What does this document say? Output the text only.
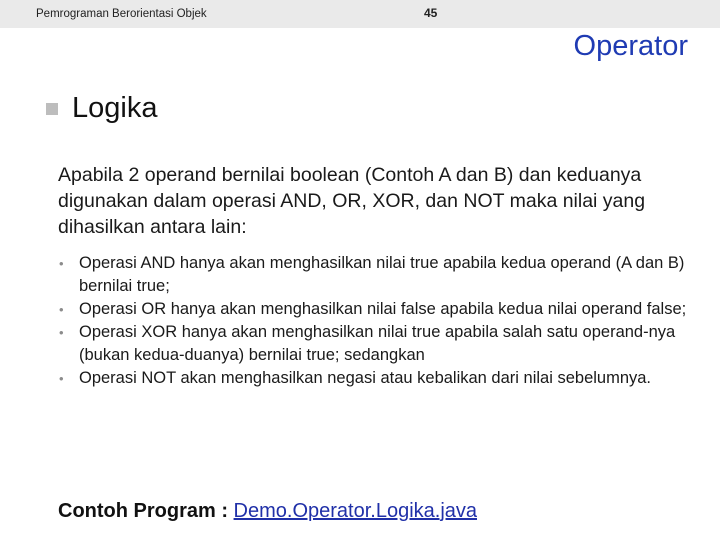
Pemrograman Berorientasi Objek	45
Operator
Logika
Apabila 2 operand bernilai boolean (Contoh A dan B) dan keduanya digunakan dalam operasi AND, OR, XOR, dan NOT maka nilai yang dihasilkan antara lain:
• Operasi AND hanya akan menghasilkan nilai true apabila kedua operand (A dan B) bernilai true;
• Operasi OR hanya akan menghasilkan nilai false apabila kedua nilai operand false;
• Operasi XOR hanya akan menghasilkan nilai true apabila salah satu operand-nya (bukan kedua-duanya) bernilai true; sedangkan
• Operasi NOT akan menghasilkan negasi atau kebalikan dari nilai sebelumnya.
Contoh Program : Demo.Operator.Logika.java
